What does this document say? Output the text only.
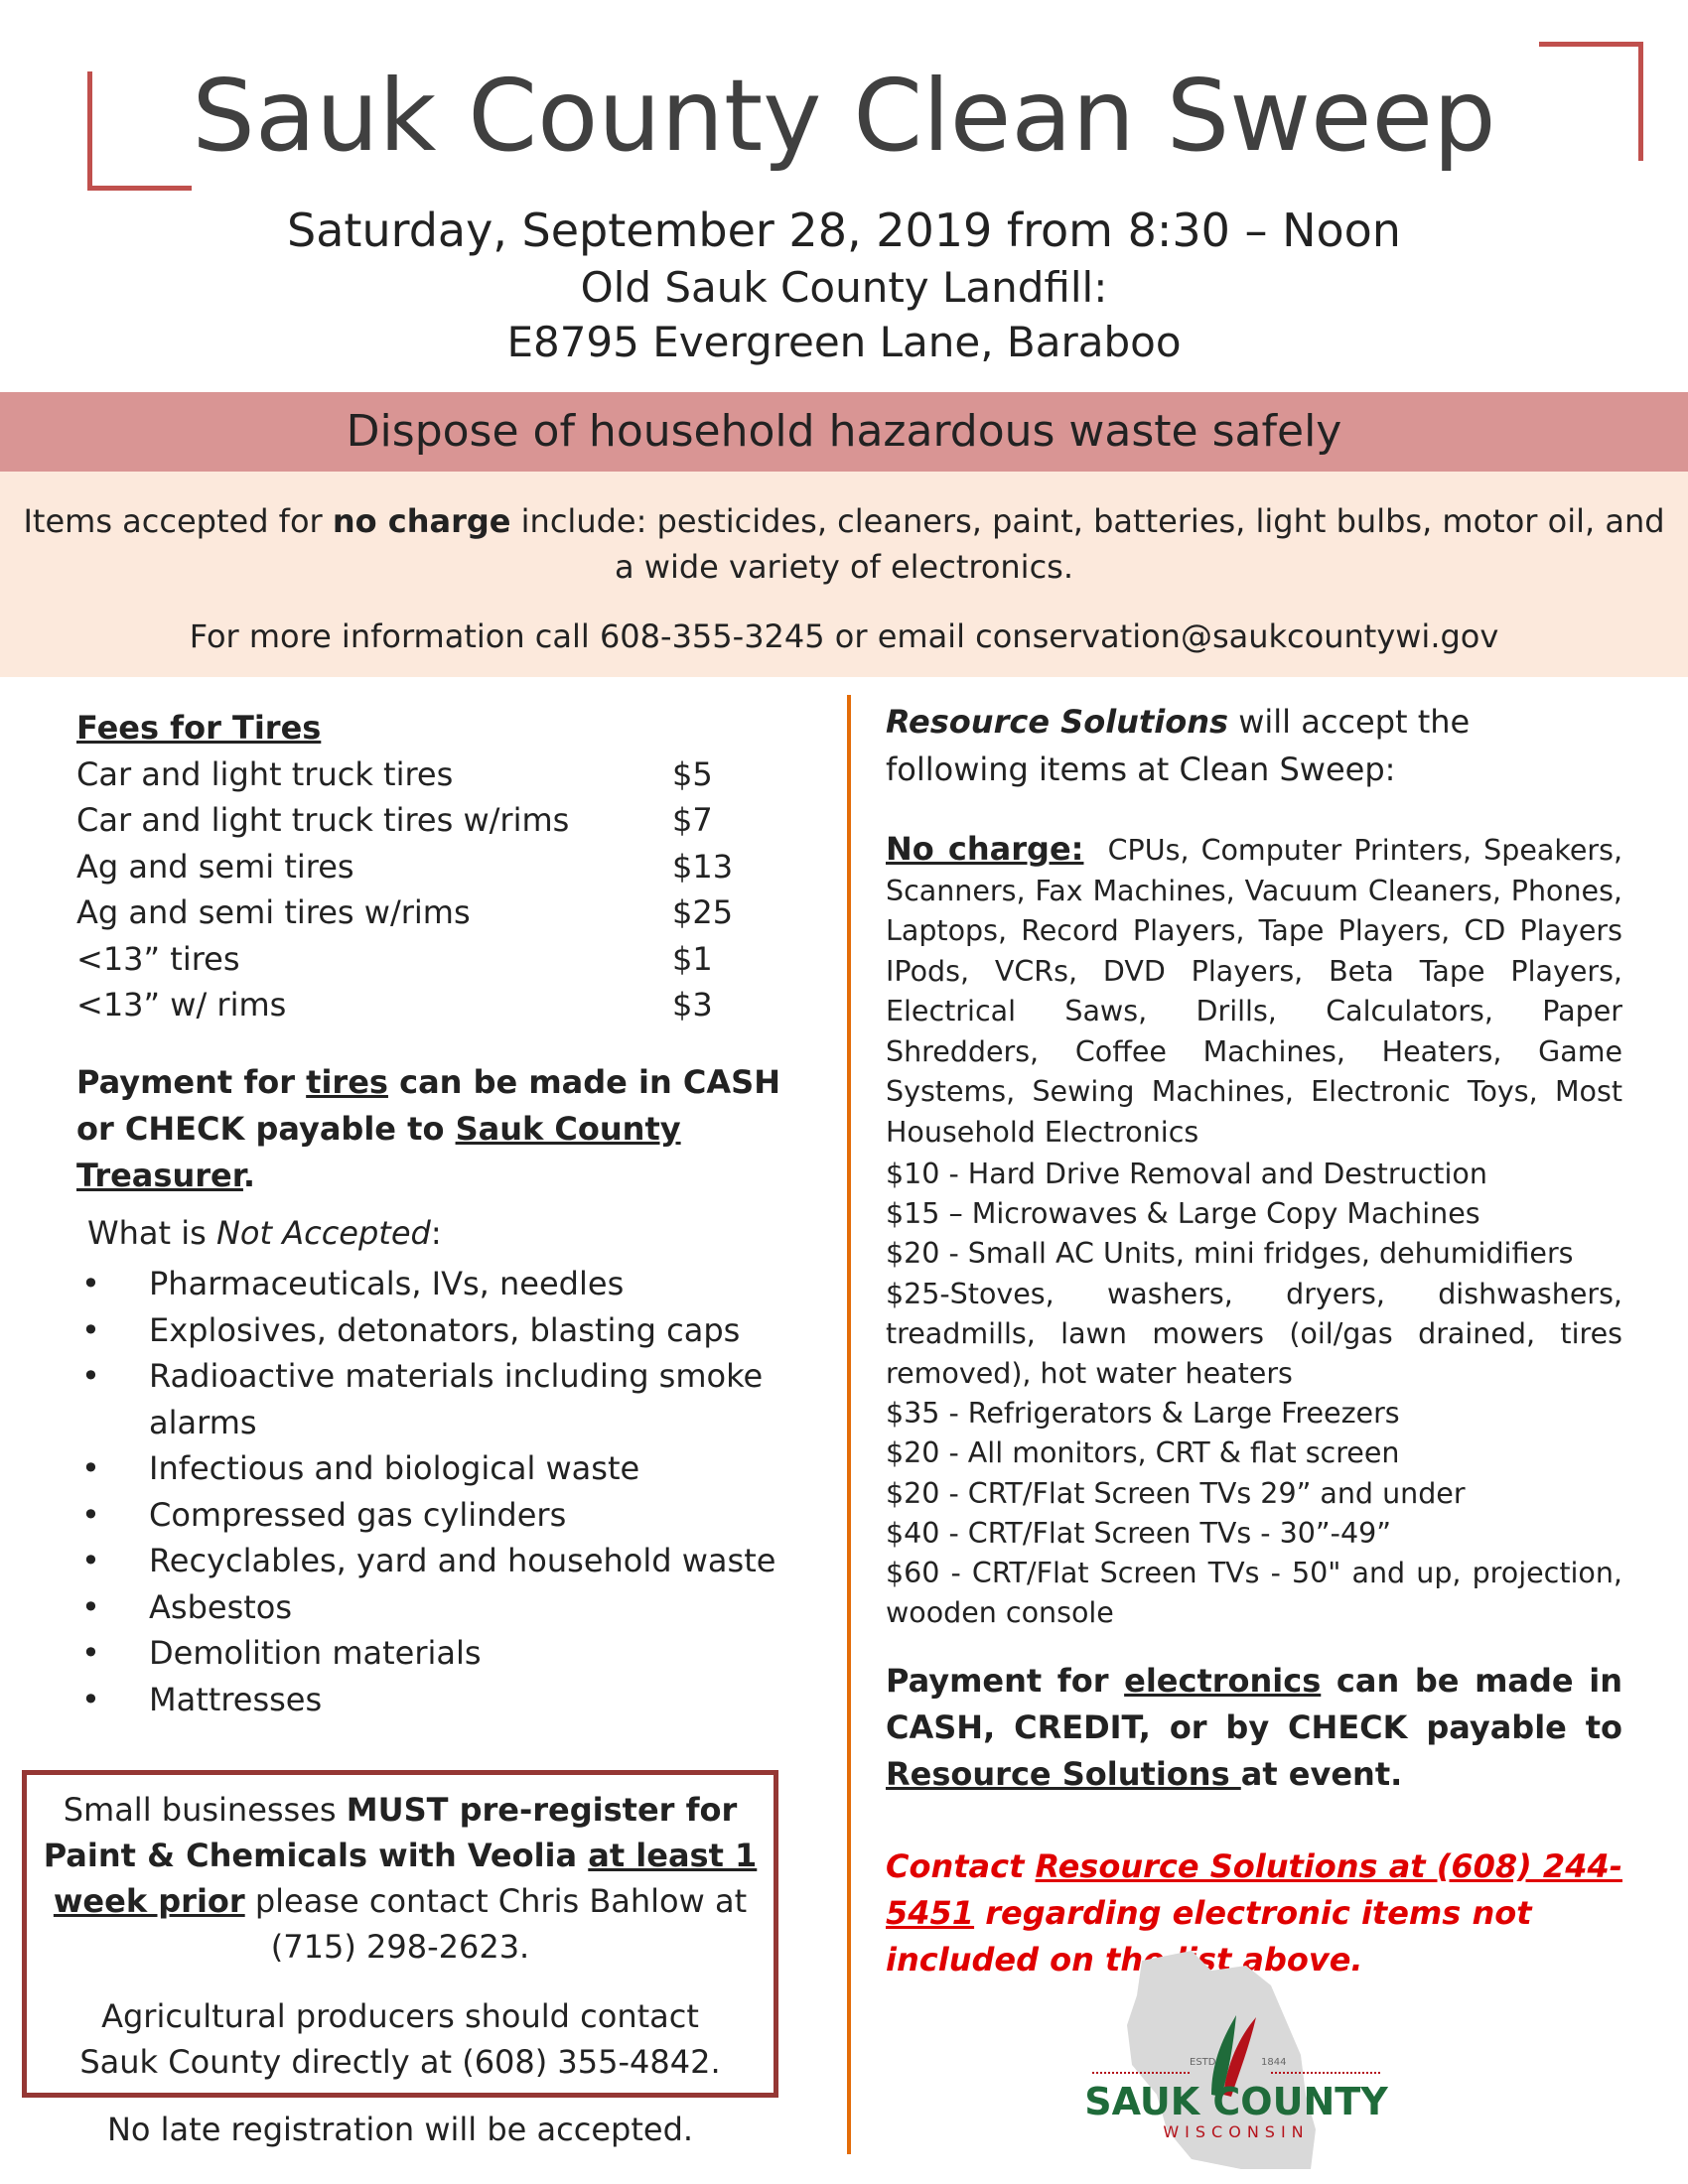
Sauk County Clean Sweep
Saturday, September 28, 2019 from 8:30 – Noon
Old Sauk County Landfill:
E8795 Evergreen Lane, Baraboo
Dispose of household hazardous waste safely

Items accepted for no charge include: pesticides, cleaners, paint, batteries, light bulbs, motor oil, and a wide variety of electronics.

For more information call 608-355-3245 or email conservation@saukcountywi.gov

Fees for Tires
Car and light truck tires	$5
Car and light truck tires w/rims	$7
Ag and semi tires	$13
Ag and semi tires w/rims	$25
<13” tires	$1
<13” w/ rims	$3
Payment for tires can be made in CASH or CHECK payable to Sauk County Treasurer.
What is Not Accepted:
• Pharmaceuticals, IVs, needles
• Explosives, detonators, blasting caps
• Radioactive materials including smoke alarms
• Infectious and biological waste
• Compressed gas cylinders
• Recyclables, yard and household waste
• Asbestos
• Demolition materials
• Mattresses

Small businesses MUST pre-register for Paint & Chemicals with Veolia at least 1 week prior please contact Chris Bahlow at (715) 298-2623.

Agricultural producers should contact Sauk County directly at (608) 355-4842.

No late registration will be accepted.

Resource Solutions will accept the following items at Clean Sweep:
No charge: CPUs, Computer Printers, Speakers, Scanners, Fax Machines, Vacuum Cleaners, Phones, Laptops, Record Players, Tape Players, CD Players IPods, VCRs, DVD Players, Beta Tape Players, Electrical Saws, Drills, Calculators, Paper Shredders, Coffee Machines, Heaters, Game Systems, Sewing Machines, Electronic Toys, Most Household Electronics
$10 - Hard Drive Removal and Destruction
$15 – Microwaves & Large Copy Machines
$20 - Small AC Units, mini fridges, dehumidifiers
$25-Stoves, washers, dryers, dishwashers, treadmills, lawn mowers (oil/gas drained, tires removed), hot water heaters
$35 - Refrigerators & Large Freezers
$20 - All monitors, CRT & flat screen
$20 - CRT/Flat Screen TVs 29” and under
$40 - CRT/Flat Screen TVs - 30”-49”
$60 - CRT/Flat Screen TVs - 50" and up, projection, wooden console
Payment for electronics can be made in CASH, CREDIT, or by CHECK payable to Resource Solutions at event.
Contact Resource Solutions at (608) 244-5451 regarding electronic items not included on the list above.
ESTD	1844
SAUK COUNTY
WISCONSIN
